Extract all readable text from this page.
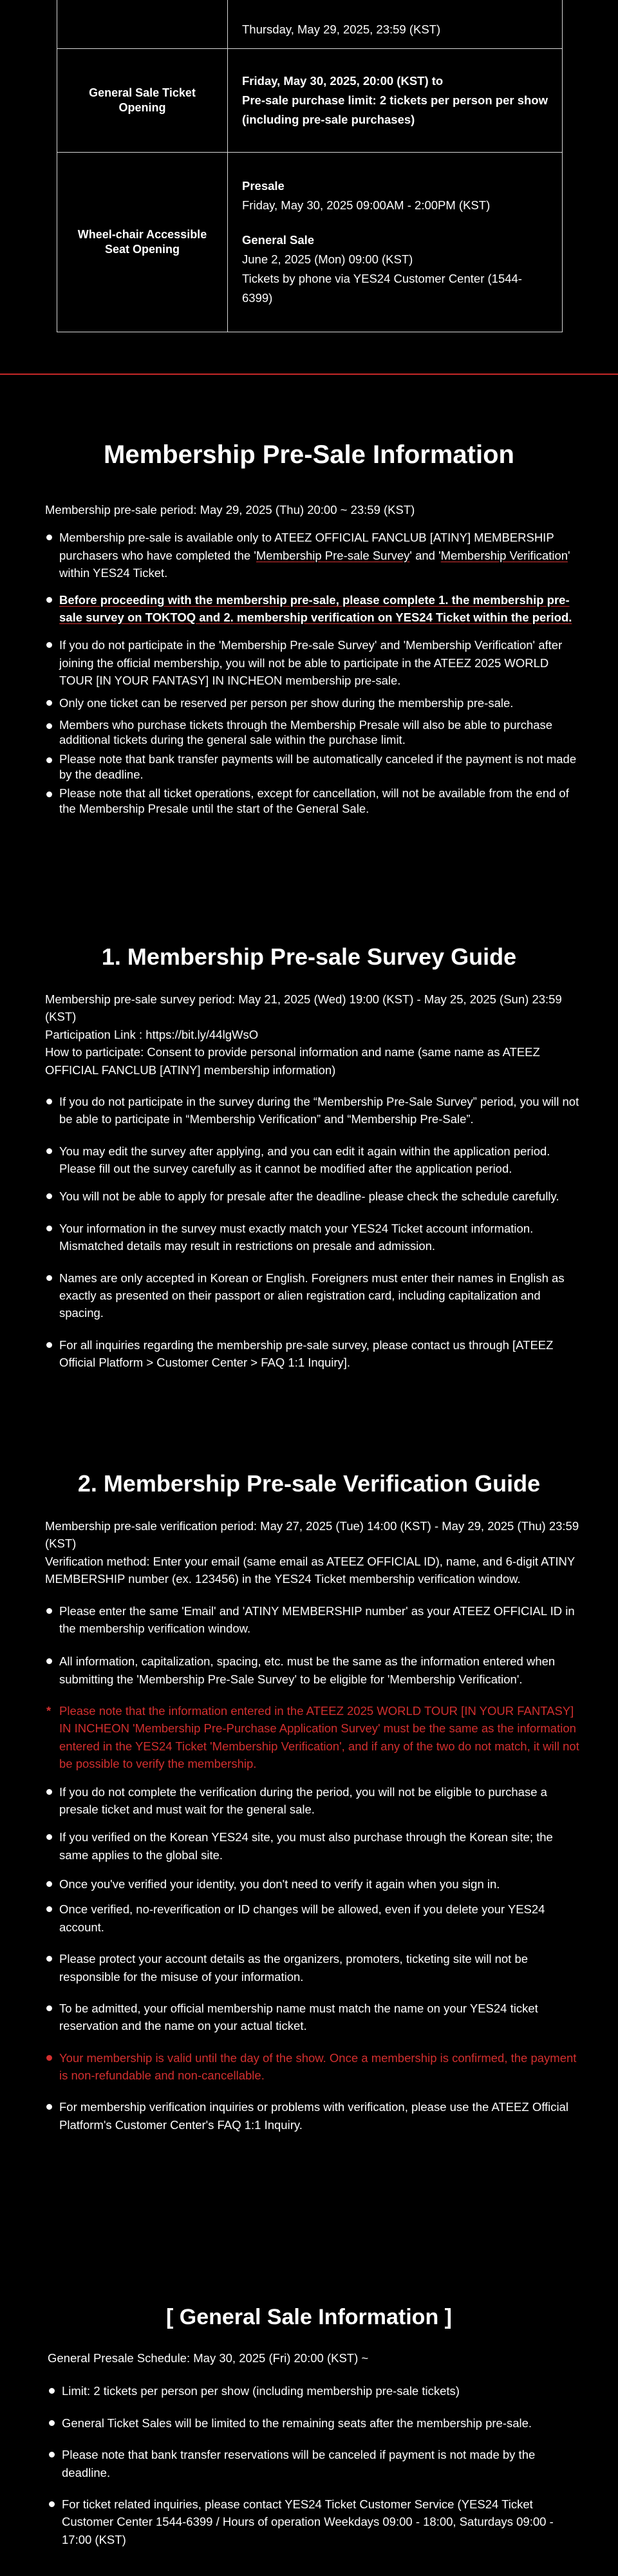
	Thursday, May 29, 2025, 23:59 (KST)
General Sale Ticket Opening	Friday, May 30, 2025, 20:00 (KST) to
Pre-sale purchase limit: 2 tickets per person per show (including pre-sale purchases)

Wheel-chair Accessible Seat Opening	Presale
Friday, May 30, 2025 09:00AM - 2:00PM (KST)
General Sale
June 2, 2025 (Mon) 09:00 (KST)
Tickets by phone via YES24 Customer Center (1544-6399)
Membership Pre-Sale Information

Membership pre-sale period: May 29, 2025 (Thu) 20:00 ~ 23:59 (KST)

Membership pre-sale is available only to ATEEZ OFFICIAL FANCLUB [ATINY] MEMBERSHIP purchasers who have completed the 'Membership Pre-sale Survey' and 'Membership Verification' within YES24 Ticket.
Before proceeding with the membership pre-sale, please complete 1. the membership pre-sale survey on TOKTOQ and 2. membership verification on YES24 Ticket within the period.
If you do not participate in the 'Membership Pre-sale Survey' and 'Membership Verification' after joining the official membership, you will not be able to participate in the ATEEZ 2025 WORLD TOUR [IN YOUR FANTASY] IN INCHEON membership pre-sale.
Only one ticket can be reserved per person per show during the membership pre-sale.
Members who purchase tickets through the Membership Presale will also be able to purchase additional tickets during the general sale within the purchase limit.
Please note that bank transfer payments will be automatically canceled if the payment is not made by the deadline.
Please note that all ticket operations, except for cancellation, will not be available from the end of the Membership Presale until the start of the General Sale.
1. Membership Pre-sale Survey Guide

Membership pre-sale survey period: May 21, 2025 (Wed) 19:00 (KST) - May 25, 2025 (Sun) 23:59 (KST)

Participation Link : https://bit.ly/44lgWsO

How to participate: Consent to provide personal information and name (same name as ATEEZ OFFICIAL FANCLUB [ATINY] membership information)

If you do not participate in the survey during the “Membership Pre-Sale Survey” period, you will not be able to participate in “Membership Verification” and “Membership Pre-Sale”.
You may edit the survey after applying, and you can edit it again within the application period. Please fill out the survey carefully as it cannot be modified after the application period.
You will not be able to apply for presale after the deadline- please check the schedule carefully.
Your information in the survey must exactly match your YES24 Ticket account information. Mismatched details may result in restrictions on presale and admission.
Names are only accepted in Korean or English. Foreigners must enter their names in English as exactly as presented on their passport or alien registration card, including capitalization and spacing.
For all inquiries regarding the membership pre-sale survey, please contact us through [ATEEZ Official Platform > Customer Center > FAQ 1:1 Inquiry].
2. Membership Pre-sale Verification Guide

Membership pre-sale verification period: May 27, 2025 (Tue) 14:00 (KST) - May 29, 2025 (Thu) 23:59 (KST)

Verification method: Enter your email (same email as ATEEZ OFFICIAL ID), name, and 6-digit ATINY MEMBERSHIP number (ex. 123456) in the YES24 Ticket membership verification window.

Please enter the same 'Email' and 'ATINY MEMBERSHIP number' as your ATEEZ OFFICIAL ID in the membership verification window.
All information, capitalization, spacing, etc. must be the same as the information entered when submitting the 'Membership Pre-Sale Survey' to be eligible for 'Membership Verification'.
* Please note that the information entered in the ATEEZ 2025 WORLD TOUR [IN YOUR FANTASY] IN INCHEON 'Membership Pre-Purchase Application Survey' must be the same as the information entered in the YES24 Ticket 'Membership Verification', and if any of the two do not match, it will not be possible to verify the membership.
If you do not complete the verification during the period, you will not be eligible to purchase a presale ticket and must wait for the general sale.
If you verified on the Korean YES24 site, you must also purchase through the Korean site; the same applies to the global site.
Once you've verified your identity, you don't need to verify it again when you sign in.
Once verified, no-reverification or ID changes will be allowed, even if you delete your YES24 account.
Please protect your account details as the organizers, promoters, ticketing site will not be responsible for the misuse of your information.
To be admitted, your official membership name must match the name on your YES24 ticket reservation and the name on your actual ticket.
Your membership is valid until the day of the show. Once a membership is confirmed, the payment is non-refundable and non-cancellable.
For membership verification inquiries or problems with verification, please use the ATEEZ Official Platform's Customer Center's FAQ 1:1 Inquiry.
[ General Sale Information ]

General Presale Schedule: May 30, 2025 (Fri) 20:00 (KST) ~

Limit: 2 tickets per person per show (including membership pre-sale tickets)
General Ticket Sales will be limited to the remaining seats after the membership pre-sale.
Please note that bank transfer reservations will be canceled if payment is not made by the deadline.
For ticket related inquiries, please contact YES24 Ticket Customer Service (YES24 Ticket Customer Center 1544-6399 / Hours of operation Weekdays 09:00 - 18:00, Saturdays 09:00 - 17:00 (KST)
